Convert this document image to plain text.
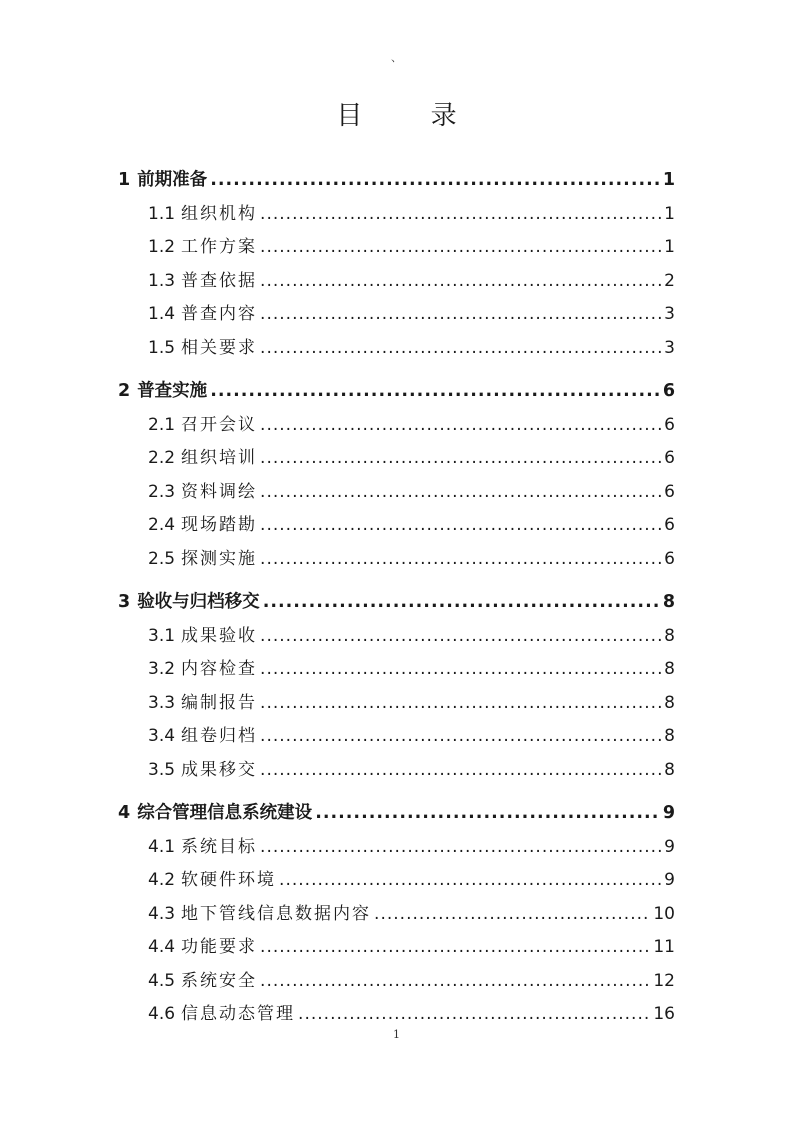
、
目 录
1 前期准备 .....	1
1.1 组织机构 .....	1
1.2 工作方案 .....	1
1.3 普查依据 .....	2
1.4 普查内容 .....	3
1.5 相关要求 .....	3
2 普查实施 .....	6
2.1 召开会议 .....	6
2.2 组织培训 .....	6
2.3 资料调绘 .....	6
2.4 现场踏勘 .....	6
2.5 探测实施 .....	6
3 验收与归档移交 .....	8
3.1 成果验收 .....	8
3.2 内容检查 .....	8
3.3 编制报告 .....	8
3.4 组卷归档 .....	8
3.5 成果移交 .....	8
4 综合管理信息系统建设 .....	9
4.1 系统目标 .....	9
4.2 软硬件环境 .....	9
4.3 地下管线信息数据内容 .....	10
4.4 功能要求 .....	11
4.5 系统安全 .....	12
4.6 信息动态管理 .....	16
1
